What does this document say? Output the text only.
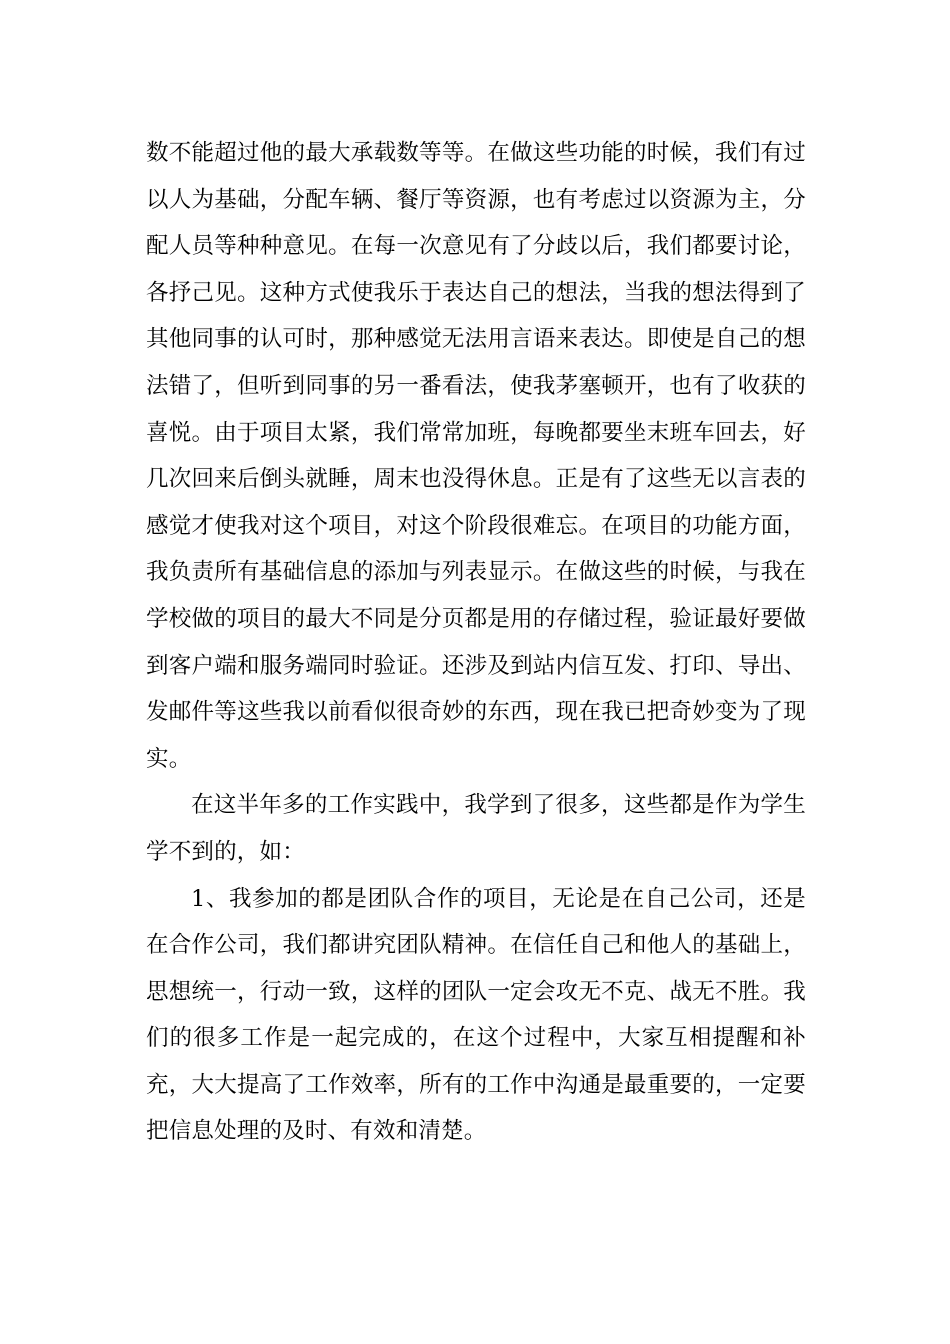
数不能超过他的最大承载数等等。在做这些功能的时候，我们有过以人为基础，分配车辆、餐厅等资源，也有考虑过以资源为主，分配人员等种种意见。在每一次意见有了分歧以后，我们都要讨论，各抒己见。这种方式使我乐于表达自己的想法，当我的想法得到了其他同事的认可时，那种感觉无法用言语来表达。即使是自己的想法错了，但听到同事的另一番看法，使我茅塞顿开，也有了收获的喜悦。由于项目太紧，我们常常加班，每晚都要坐末班车回去，好几次回来后倒头就睡，周末也没得休息。正是有了这些无以言表的感觉才使我对这个项目，对这个阶段很难忘。在项目的功能方面，我负责所有基础信息的添加与列表显示。在做这些的时候，与我在学校做的项目的最大不同是分页都是用的存储过程，验证最好要做到客户端和服务端同时验证。还涉及到站内信互发、打印、导出、发邮件等这些我以前看似很奇妙的东西，现在我已把奇妙变为了现实。

在这半年多的工作实践中，我学到了很多，这些都是作为学生学不到的，如：

1、我参加的都是团队合作的项目，无论是在自己公司，还是在合作公司，我们都讲究团队精神。在信任自己和他人的基础上，思想统一，行动一致，这样的团队一定会攻无不克、战无不胜。我们的很多工作是一起完成的，在这个过程中，大家互相提醒和补充，大大提高了工作效率，所有的工作中沟通是最重要的，一定要把信息处理的及时、有效和清楚。
